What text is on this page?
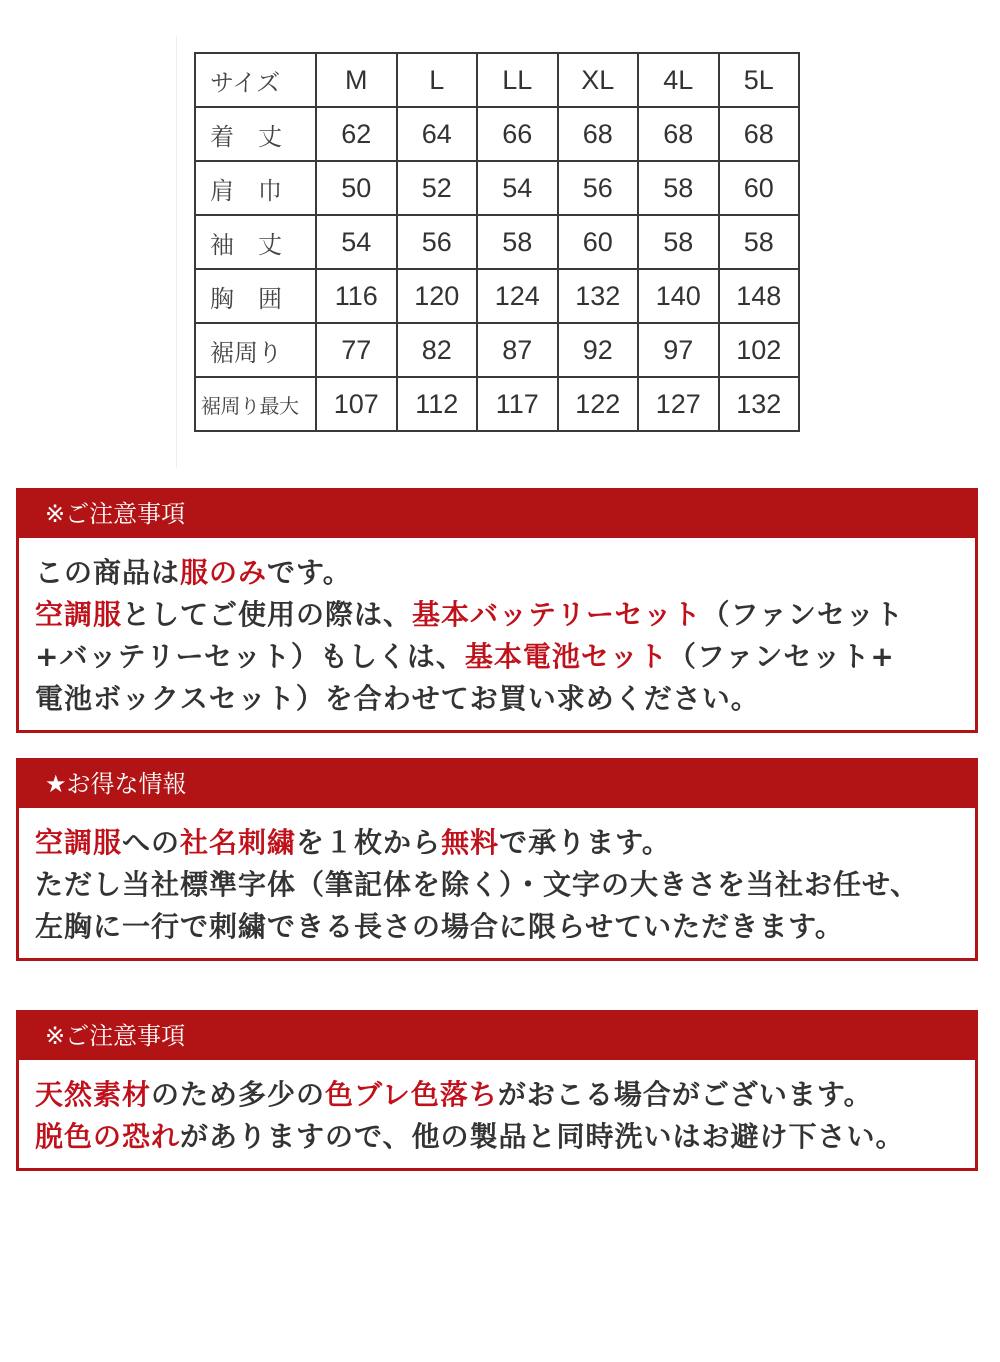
サイズ	M	L	LL	XL	4L	5L
着　丈	62	64	66	68	68	68
肩　巾	50	52	54	56	58	60
袖　丈	54	56	58	60	58	58
胸　囲	116	120	124	132	140	148
裾周り	77	82	87	92	97	102
裾周り最大	107	112	117	122	127	132
※ご注意事項

この商品は服のみです。

空調服としてご使用の際は、基本バッテリーセット（ファンセット

+バッテリーセット）もしくは、基本電池セット（ファンセット+

電池ボックスセット）を合わせてお買い求めください。

★お得な情報

空調服への社名刺繍を１枚から無料で承ります。

ただし当社標準字体（筆記体を除く）・文字の大きさを当社お任せ、

左胸に一行で刺繍できる長さの場合に限らせていただきます。

※ご注意事項

天然素材のため多少の色ブレ色落ちがおこる場合がございます。

脱色の恐れがありますので、他の製品と同時洗いはお避け下さい。
